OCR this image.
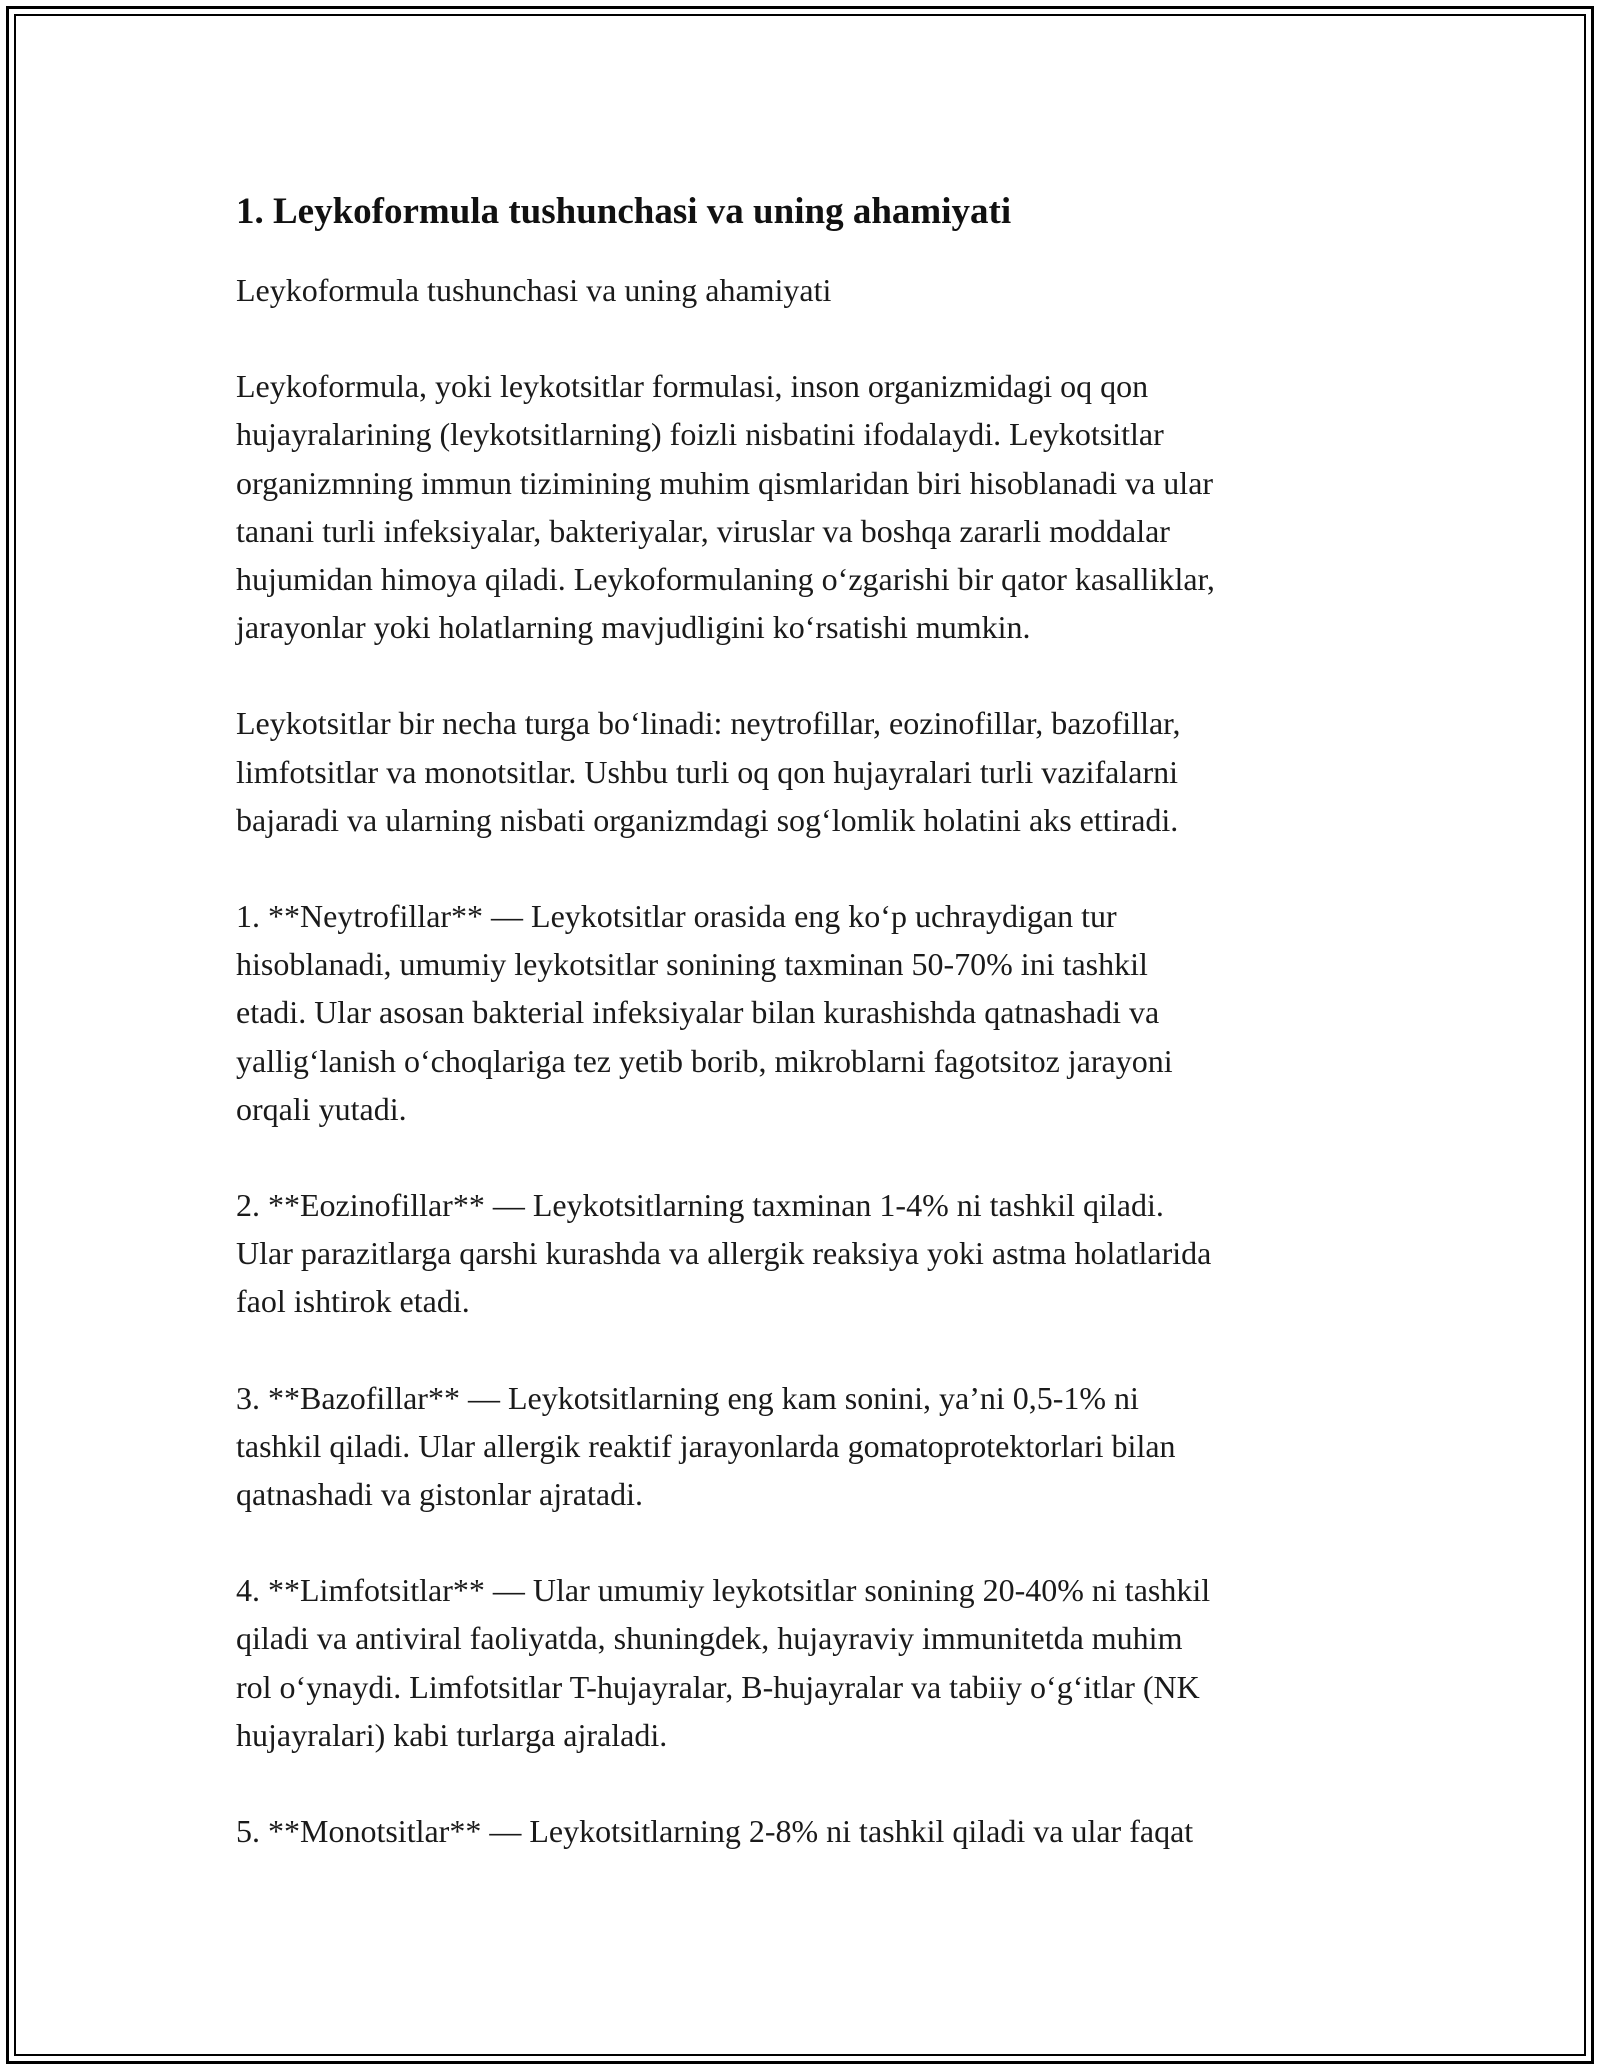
1. Leykoformula tushunchasi va uning ahamiyati

Leykoformula tushunchasi va uning ahamiyati

Leykoformula, yoki leykotsitlar formulasi, inson organizmidagi oq qon
hujayralarining (leykotsitlarning) foizli nisbatini ifodalaydi. Leykotsitlar
organizmning immun tizimining muhim qismlaridan biri hisoblanadi va ular
tanani turli infeksiyalar, bakteriyalar, viruslar va boshqa zararli moddalar
hujumidan himoya qiladi. Leykoformulaning o‘zgarishi bir qator kasalliklar,
jarayonlar yoki holatlarning mavjudligini ko‘rsatishi mumkin.

Leykotsitlar bir necha turga bo‘linadi: neytrofillar, eozinofillar, bazofillar,
limfotsitlar va monotsitlar. Ushbu turli oq qon hujayralari turli vazifalarni
bajaradi va ularning nisbati organizmdagi sog‘lomlik holatini aks ettiradi.

1. **Neytrofillar** — Leykotsitlar orasida eng ko‘p uchraydigan tur
hisoblanadi, umumiy leykotsitlar sonining taxminan 50-70% ini tashkil
etadi. Ular asosan bakterial infeksiyalar bilan kurashishda qatnashadi va
yallig‘lanish o‘choqlariga tez yetib borib, mikroblarni fagotsitoz jarayoni
orqali yutadi.

2. **Eozinofillar** — Leykotsitlarning taxminan 1-4% ni tashkil qiladi.
Ular parazitlarga qarshi kurashda va allergik reaksiya yoki astma holatlarida
faol ishtirok etadi.

3. **Bazofillar** — Leykotsitlarning eng kam sonini, ya’ni 0,5-1% ni
tashkil qiladi. Ular allergik reaktif jarayonlarda gomatoprotektorlari bilan
qatnashadi va gistonlar ajratadi.

4. **Limfotsitlar** — Ular umumiy leykotsitlar sonining 20-40% ni tashkil
qiladi va antiviral faoliyatda, shuningdek, hujayraviy immunitetda muhim
rol o‘ynaydi. Limfotsitlar T-hujayralar, B-hujayralar va tabiiy o‘g‘itlar (NK
hujayralari) kabi turlarga ajraladi.

5. **Monotsitlar** — Leykotsitlarning 2-8% ni tashkil qiladi va ular faqat
